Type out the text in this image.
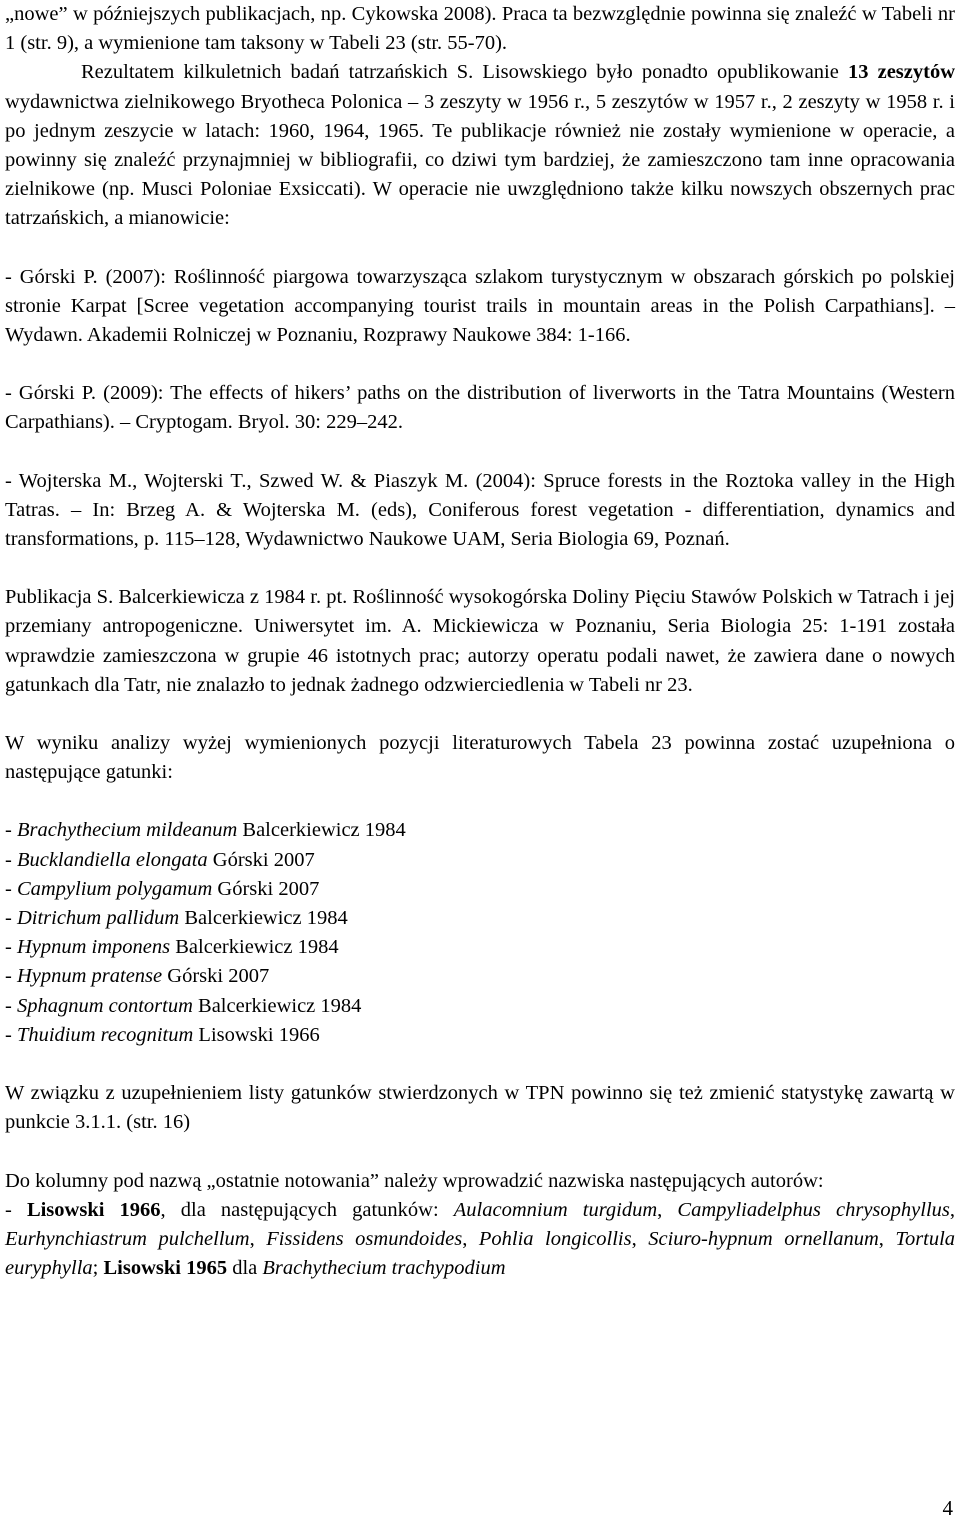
„nowe” w późniejszych publikacjach, np. Cykowska 2008). Praca ta bezwzględnie powinna się znaleźć w Tabeli nr 1 (str. 9), a wymienione tam taksony w Tabeli 23 (str. 55-70).
Rezultatem kilkuletnich badań tatrzańskich S. Lisowskiego było ponadto opublikowanie 13 zeszytów wydawnictwa zielnikowego Bryotheca Polonica – 3 zeszyty w 1956 r., 5 zeszytów w 1957 r., 2 zeszyty w 1958 r. i po jednym zeszycie w latach: 1960, 1964, 1965. Te publikacje również nie zostały wymienione w operacie, a powinny się znaleźć przynajmniej w bibliografii, co dziwi tym bardziej, że zamieszczono tam inne opracowania zielnikowe (np. Musci Poloniae Exsiccati). W operacie nie uwzględniono także kilku nowszych obszernych prac tatrzańskich, a mianowicie:

- Górski P. (2007): Roślinność piargowa towarzysząca szlakom turystycznym w obszarach górskich po polskiej stronie Karpat [Scree vegetation accompanying tourist trails in mountain areas in the Polish Carpathians]. – Wydawn. Akademii Rolniczej w Poznaniu, Rozprawy Naukowe 384: 1-166.

- Górski P. (2009): The effects of hikers’ paths on the distribution of liverworts in the Tatra Mountains (Western Carpathians). – Cryptogam. Bryol. 30: 229–242.

- Wojterska M., Wojterski T., Szwed W. & Piaszyk M. (2004): Spruce forests in the Roztoka valley in the High Tatras. – In: Brzeg A. & Wojterska M. (eds), Coniferous forest vegetation - differentiation, dynamics and transformations, p. 115–128, Wydawnictwo Naukowe UAM, Seria Biologia 69, Poznań.

Publikacja S. Balcerkiewicza z 1984 r. pt. Roślinność wysokogórska Doliny Pięciu Stawów Polskich w Tatrach i jej przemiany antropogeniczne. Uniwersytet im. A. Mickiewicza w Poznaniu, Seria Biologia 25: 1-191 została wprawdzie zamieszczona w grupie 46 istotnych prac; autorzy operatu podali nawet, że zawiera dane o nowych gatunkach dla Tatr, nie znalazło to jednak żadnego odzwierciedlenia w Tabeli nr 23.

W wyniku analizy wyżej wymienionych pozycji literaturowych Tabela 23 powinna zostać uzupełniona o następujące gatunki:

- Brachythecium mildeanum Balcerkiewicz 1984

- Bucklandiella elongata Górski 2007

- Campylium polygamum Górski 2007

- Ditrichum pallidum Balcerkiewicz 1984

- Hypnum imponens Balcerkiewicz 1984

- Hypnum pratense Górski 2007

- Sphagnum contortum Balcerkiewicz 1984

- Thuidium recognitum Lisowski 1966

W związku z uzupełnieniem listy gatunków stwierdzonych w TPN powinno się też zmienić statystykę zawartą w punkcie 3.1.1. (str. 16)

Do kolumny pod nazwą „ostatnie notowania” należy wprowadzić nazwiska następujących autorów:

- Lisowski 1966, dla następujących gatunków: Aulacomnium turgidum, Campyliadelphus chrysophyllus, Eurhynchiastrum pulchellum, Fissidens osmundoides, Pohlia longicollis, Sciuro-hypnum ornellanum, Tortula euryphylla; Lisowski 1965 dla Brachythecium trachypodium

4
